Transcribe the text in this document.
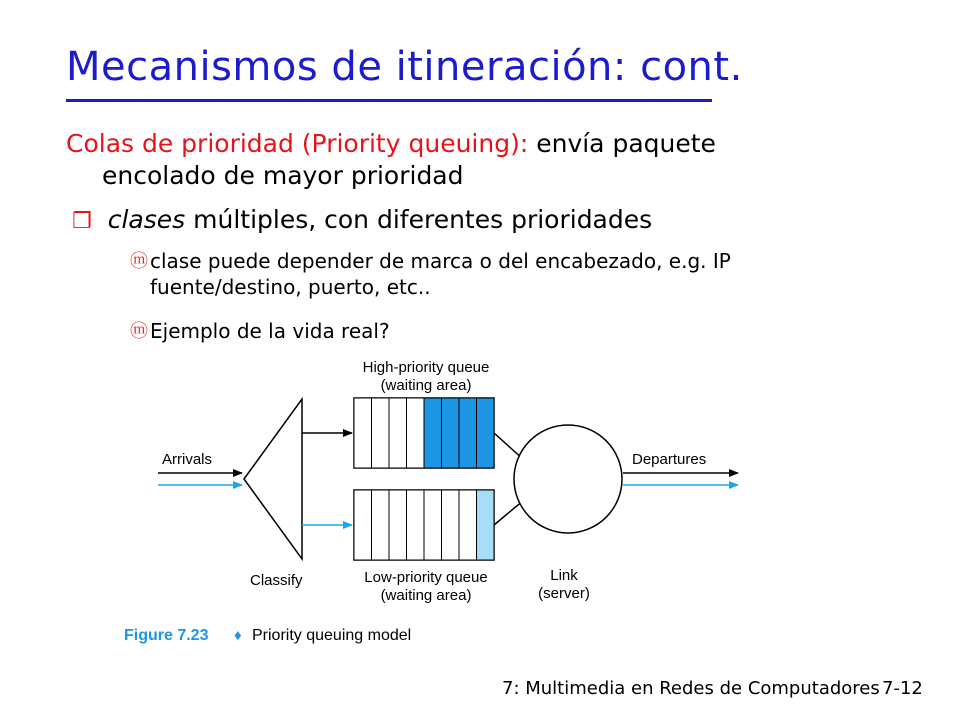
Mecanismos de itineración: cont.
Colas de prioridad (Priority queuing): envía paquete
encolado de mayor prioridad
❒ clases múltiples, con diferentes prioridades
ⓜ clase puede depender de marca o del encabezado, e.g. IP
fuente/destino, puerto, etc..
ⓜ Ejemplo de la vida real?
High-priority queue
(waiting area)
Arrivals
Classify	Link
(server)
Departures
Low-priority queue
(waiting area)
Figure 7.23 ♦ Priority queuing model
7: Multimedia en Redes de Computadores 7-12
